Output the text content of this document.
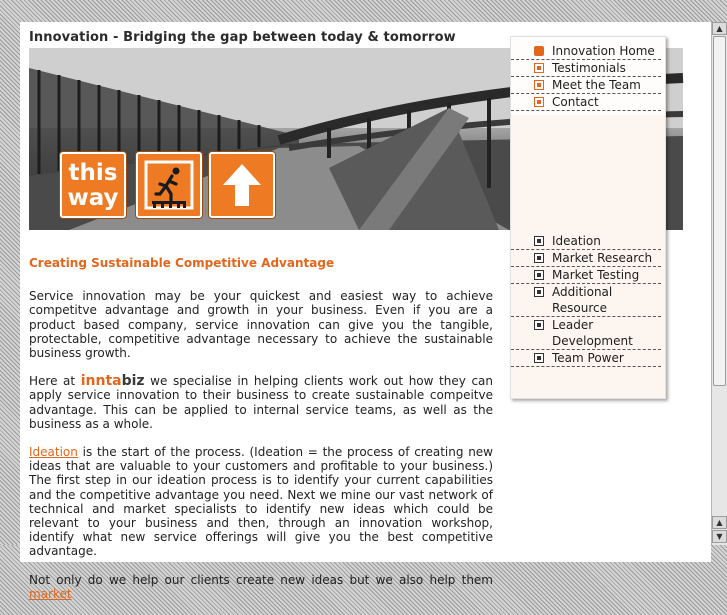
Innovation - Bridging the gap between today & tomorrow
this
way
Innovation Home
Testimonials
Meet the Team
Contact
Ideation
Market Research
Market Testing
Additional Resource
Leader Development
Team Power
Creating Sustainable Competitive Advantage

Service innovation may be your quickest and easiest way to achieve competitve advantage and growth in your business. Even if you are a product based company, service innovation can give you the tangible, protectable, competitive advantage necessary to achieve the sustainable business growth.

Here at inntabiz we specialise in helping clients work out how they can apply service innovation to their business to create sustainable compeitve advantage. This can be applied to internal service teams, as well as the business as a whole.

Ideation is the start of the process. (Ideation = the process of creating new ideas that are valuable to your customers and profitable to your business.) The first step in our ideation process is to identify your current capabilities and the competitive advantage you need. Next we mine our vast network of technical and market specialists to identify new ideas which could be relevant to your business and then, through an innovation workshop, identify what new service offerings will give you the best competitive advantage.

Not only do we help our clients create new ideas but we also help them market

▲
▲
▼
